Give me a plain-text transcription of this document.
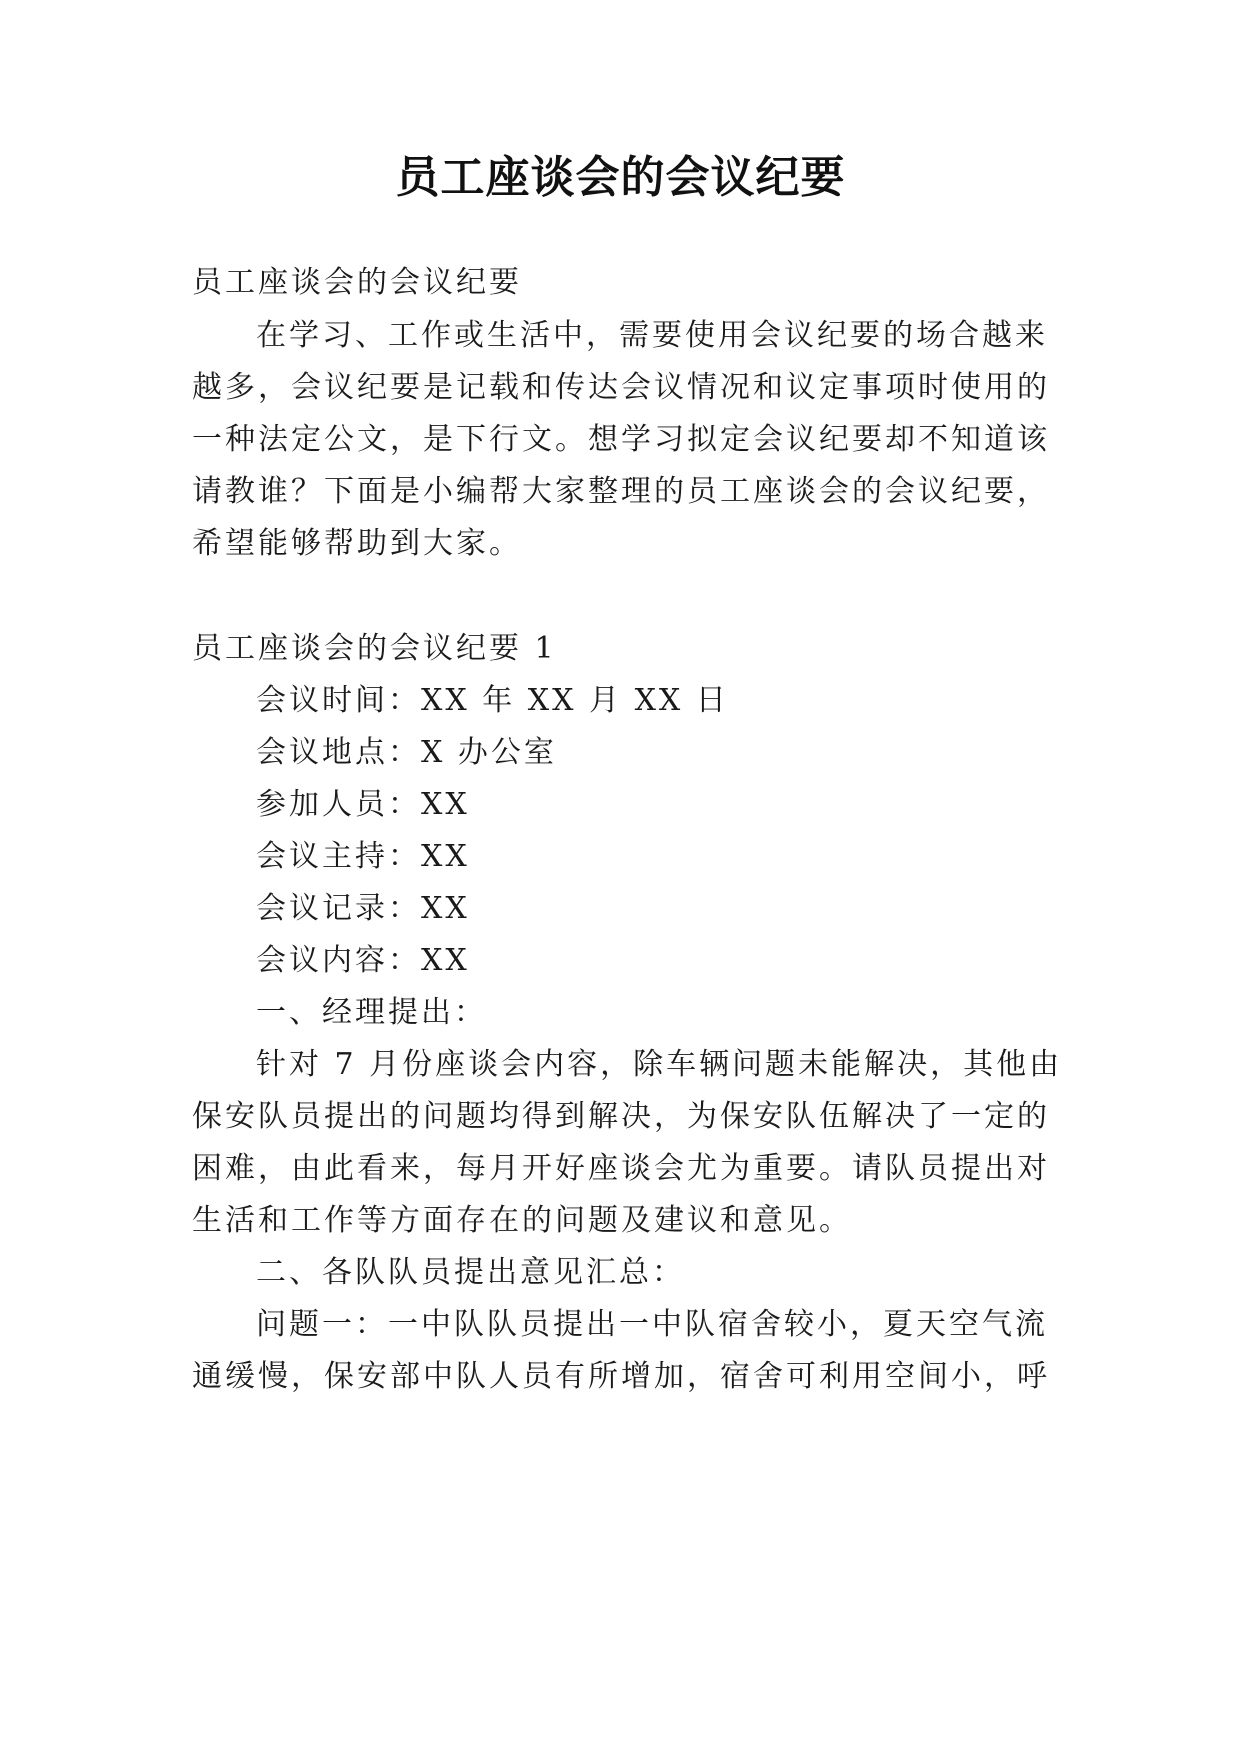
员工座谈会的会议纪要

员工座谈会的会议纪要

在学习、工作或生活中，需要使用会议纪要的场合越来

越多，会议纪要是记载和传达会议情况和议定事项时使用的

一种法定公文，是下行文。想学习拟定会议纪要却不知道该

请教谁？下面是小编帮大家整理的员工座谈会的会议纪要，

希望能够帮助到大家。

员工座谈会的会议纪要 1

会议时间：XX 年 XX 月 XX 日

会议地点：X 办公室

参加人员：XX

会议主持：XX

会议记录：XX

会议内容：XX

一、经理提出：

针对 7 月份座谈会内容，除车辆问题未能解决，其他由

保安队员提出的问题均得到解决，为保安队伍解决了一定的

困难，由此看来，每月开好座谈会尤为重要。请队员提出对

生活和工作等方面存在的问题及建议和意见。

二、各队队员提出意见汇总：

问题一：一中队队员提出一中队宿舍较小，夏天空气流

通缓慢，保安部中队人员有所增加，宿舍可利用空间小，呼
